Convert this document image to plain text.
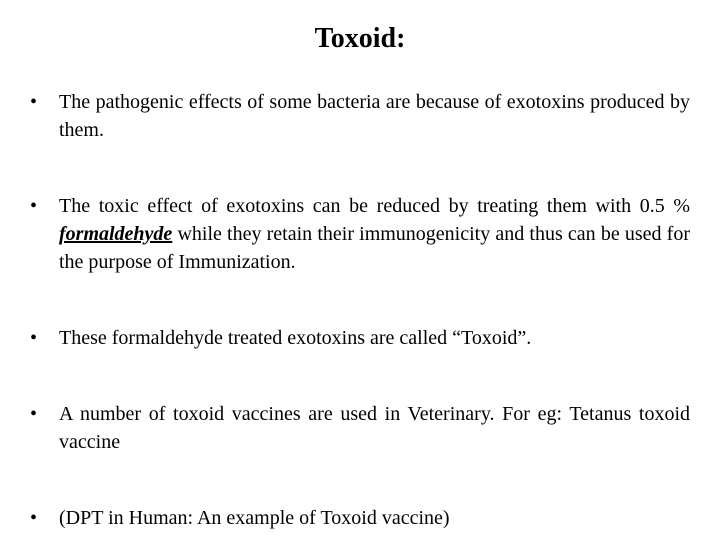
Toxoid:
•	The pathogenic effects of some bacteria are because of exotoxins produced by them.
•	The toxic effect of exotoxins can be reduced by treating them with 0.5 % formaldehyde while they retain their immunogenicity and thus can be used for the purpose of Immunization.
•	These formaldehyde treated exotoxins are called “Toxoid”.
•	A number of toxoid vaccines are used in Veterinary. For eg: Tetanus toxoid vaccine
•	(DPT in Human: An example of Toxoid vaccine)
